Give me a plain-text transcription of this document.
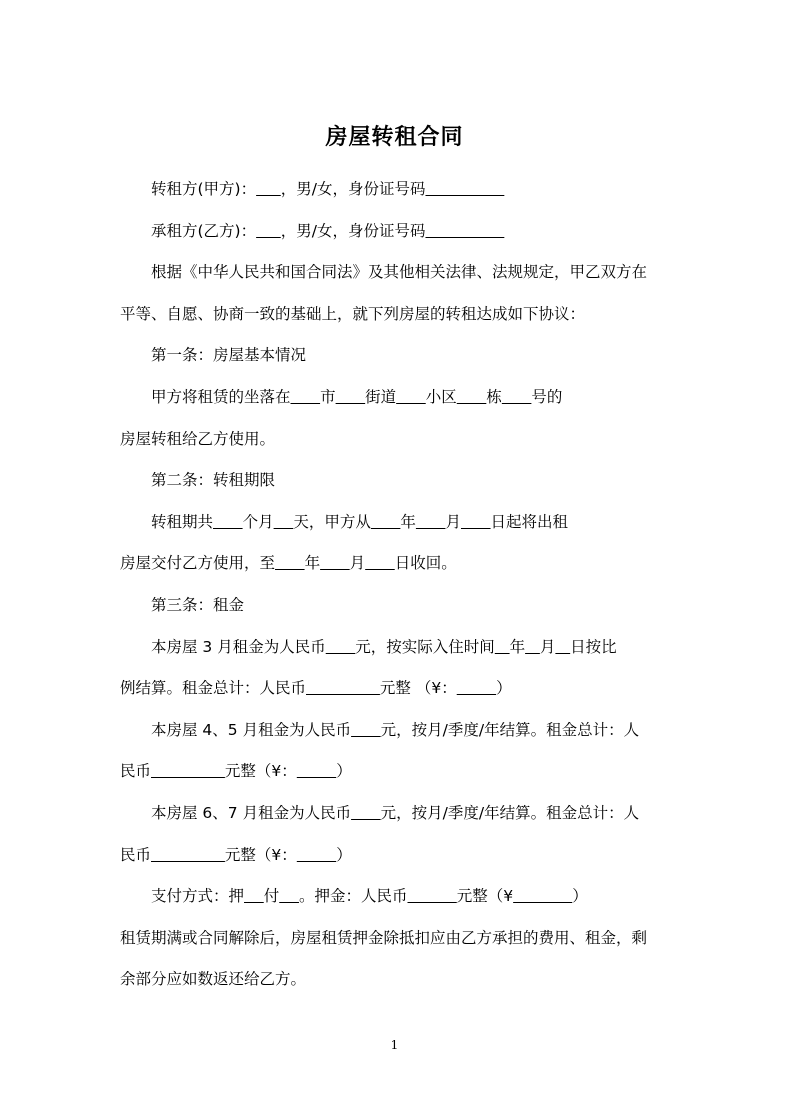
房屋转租合同
转租方(甲方)： ，男/女，身份证号码
承租方(乙方)： ，男/女，身份证号码
根据《中华人民共和国合同法》及其他相关法律、法规规定，甲乙双方在
平等、自愿、协商一致的基础上，就下列房屋的转租达成如下协议：
第一条：房屋基本情况
甲方将租赁的坐落在 市 街道 小区 栋 号的
房屋转租给乙方使用。
第二条：转租期限
转租期共 个月 天，甲方从 年 月 日起将出租
房屋交付乙方使用，至 年 月 日收回。
第三条：租金
本房屋 3 月租金为人民币 元，按实际入住时间 年 月 日按比
例结算。租金总计：人民币	元整 （¥：	）
本房屋 4、5 月租金为人民币 元，按月/季度/年结算。租金总计：人
民币	元整（¥：	）
本房屋 6、7 月租金为人民币 元，按月/季度/年结算。租金总计：人
民币	元整（¥：	）
支付方式：押 付 。押金：人民币	元整（¥	）
租赁期满或合同解除后，房屋租赁押金除抵扣应由乙方承担的费用、租金，剩
余部分应如数返还给乙方。
1
